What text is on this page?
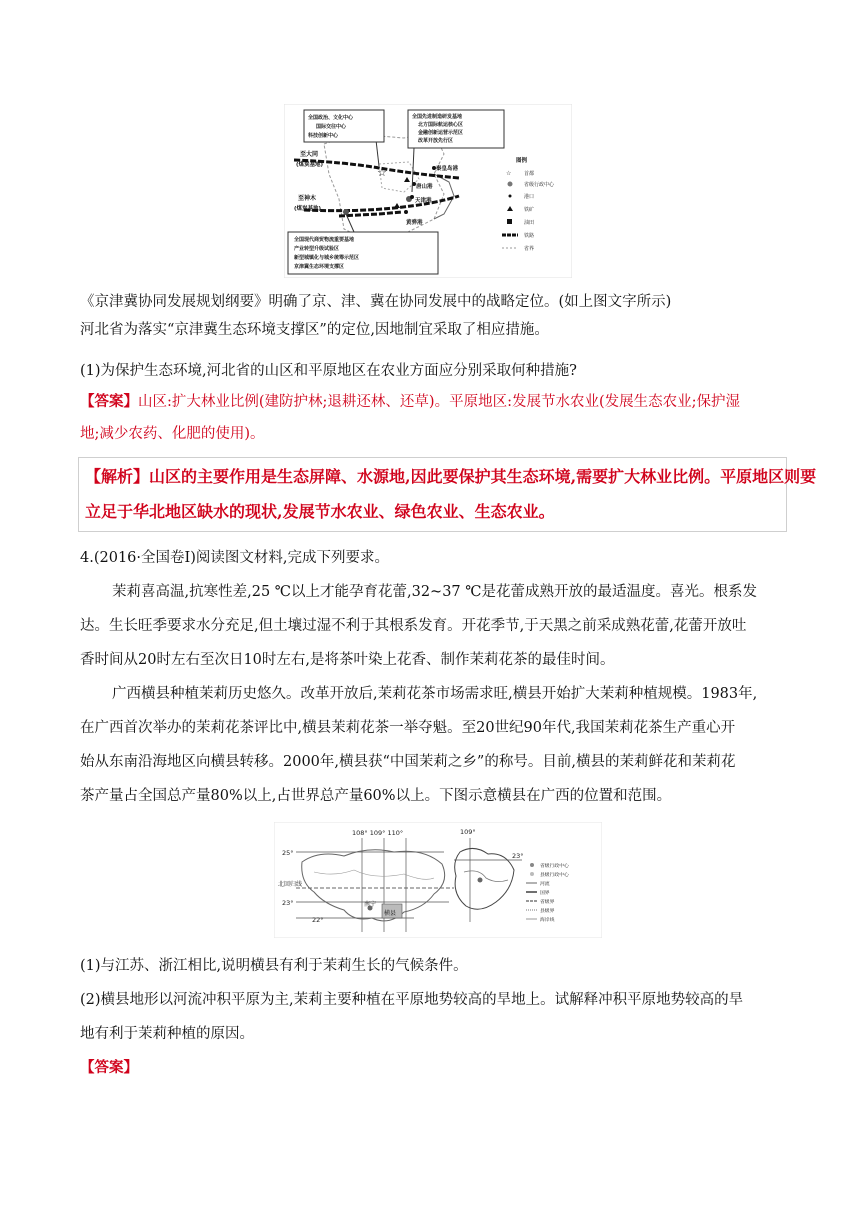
☆
全国政治、文化中心
国际交往中心
科技创新中心
全国先进制造研发基地
北方国际航运核心区
金融创新运营示范区
改革开放先行区
至大同
(煤炭基地)
至神木
(煤炭基地)
秦皇岛港
唐山港
天津港
黄骅港
全国现代商贸物流重要基地
产业转型升级试验区
新型城镇化与城乡统筹示范区
京津冀生态环境支撑区
图例
☆	首都
省级行政中心
港口
铁矿
油田
铁路
省界
《京津冀协同发展规划纲要》明确了京、津、冀在协同发展中的战略定位。(如上图文字所示)
河北省为落实“京津冀生态环境支撑区”的定位,因地制宜采取了相应措施。
(1)为保护生态环境,河北省的山区和平原地区在农业方面应分别采取何种措施?
【答案】山区:扩大林业比例(建防护林;退耕还林、还草)。平原地区:发展节水农业(发展生态农业;保护湿
地;减少农药、化肥的使用)。
【解析】山区的主要作用是生态屏障、水源地,因此要保护其生态环境,需要扩大林业比例。平原地区则要
立足于华北地区缺水的现状,发展节水农业、绿色农业、生态农业。
4.(2016·全国卷Ⅰ)阅读图文材料,完成下列要求。
茉莉喜高温,抗寒性差,25 ℃以上才能孕育花蕾,32~37 ℃是花蕾成熟开放的最适温度。喜光。根系发
达。生长旺季要求水分充足,但土壤过湿不利于其根系发育。开花季节,于天黑之前采成熟花蕾,花蕾开放吐
香时间从20时左右至次日10时左右,是将茶叶染上花香、制作茉莉花茶的最佳时间。
广西横县种植茉莉历史悠久。改革开放后,茉莉花茶市场需求旺,横县开始扩大茉莉种植规模。1983年,
在广西首次举办的茉莉花茶评比中,横县茉莉花茶一举夺魁。至20世纪90年代,我国茉莉花茶生产重心开
始从东南沿海地区向横县转移。2000年,横县获“中国茉莉之乡”的称号。目前,横县的茉莉鲜花和茉莉花
茶产量占全国总产量80%以上,占世界总产量60%以上。下图示意横县在广西的位置和范围。
108° 109° 110°
25°
北回归线
23°
22°
南宁
横县
109°
23°
省级行政中心
县级行政中心
河流
国界
省级界
县级界
海岸线
(1)与江苏、浙江相比,说明横县有利于茉莉生长的气候条件。
(2)横县地形以河流冲积平原为主,茉莉主要种植在平原地势较高的旱地上。试解释冲积平原地势较高的旱
地有利于茉莉种植的原因。
【答案】
